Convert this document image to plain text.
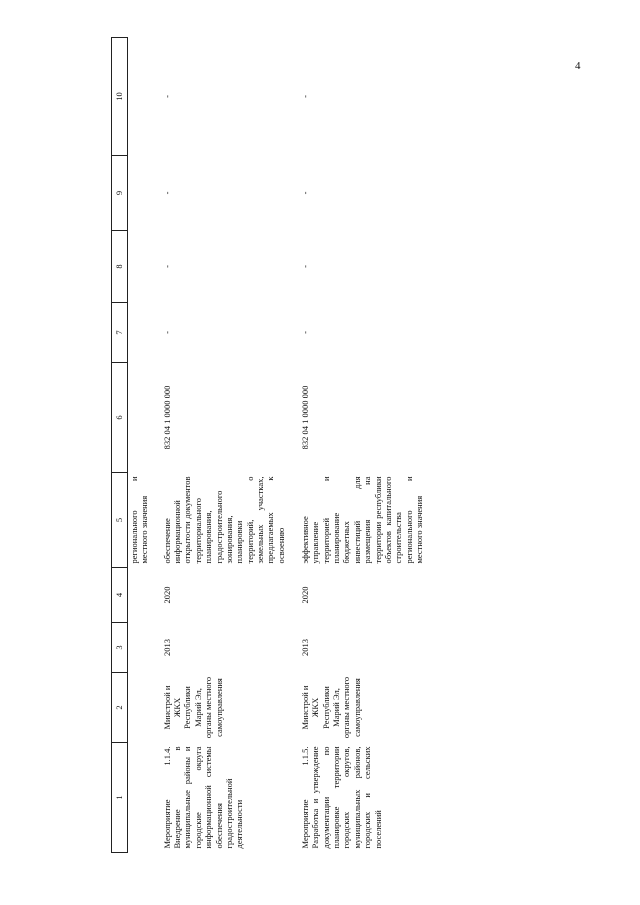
4
1	2	3	4	5	6	7	8	9	10
				регионального и местного значения					
Мероприятие 1.1.4. Внедрение в муниципальные районы и городские округа информационной системы обеспечения градостроительной деятельности	Минстрой и ЖКХ Республики Марий Эл, органы местного самоуправления	2013	2020	обеспечение информационной открытости документов территориального планирования, градостроительного зонирования, планировки территорий, о земельных участках, предлагаемых к освоению	832 04 1 0000 000	-	-	-	-
Мероприятие 1.1.5. Разработка и утверждение документации по планировке территории городских округов, муниципальных районов, городских и сельских поселений	Минстрой и ЖКХ Республики Марий Эл, органы местного самоуправления	2013	2020	эффективное управление территорией и планирование бюджетных инвестиций для размещения на территории республики объектов капитального строительства регионального и местного значения	832 04 1 0000 000	-	-	-	-
